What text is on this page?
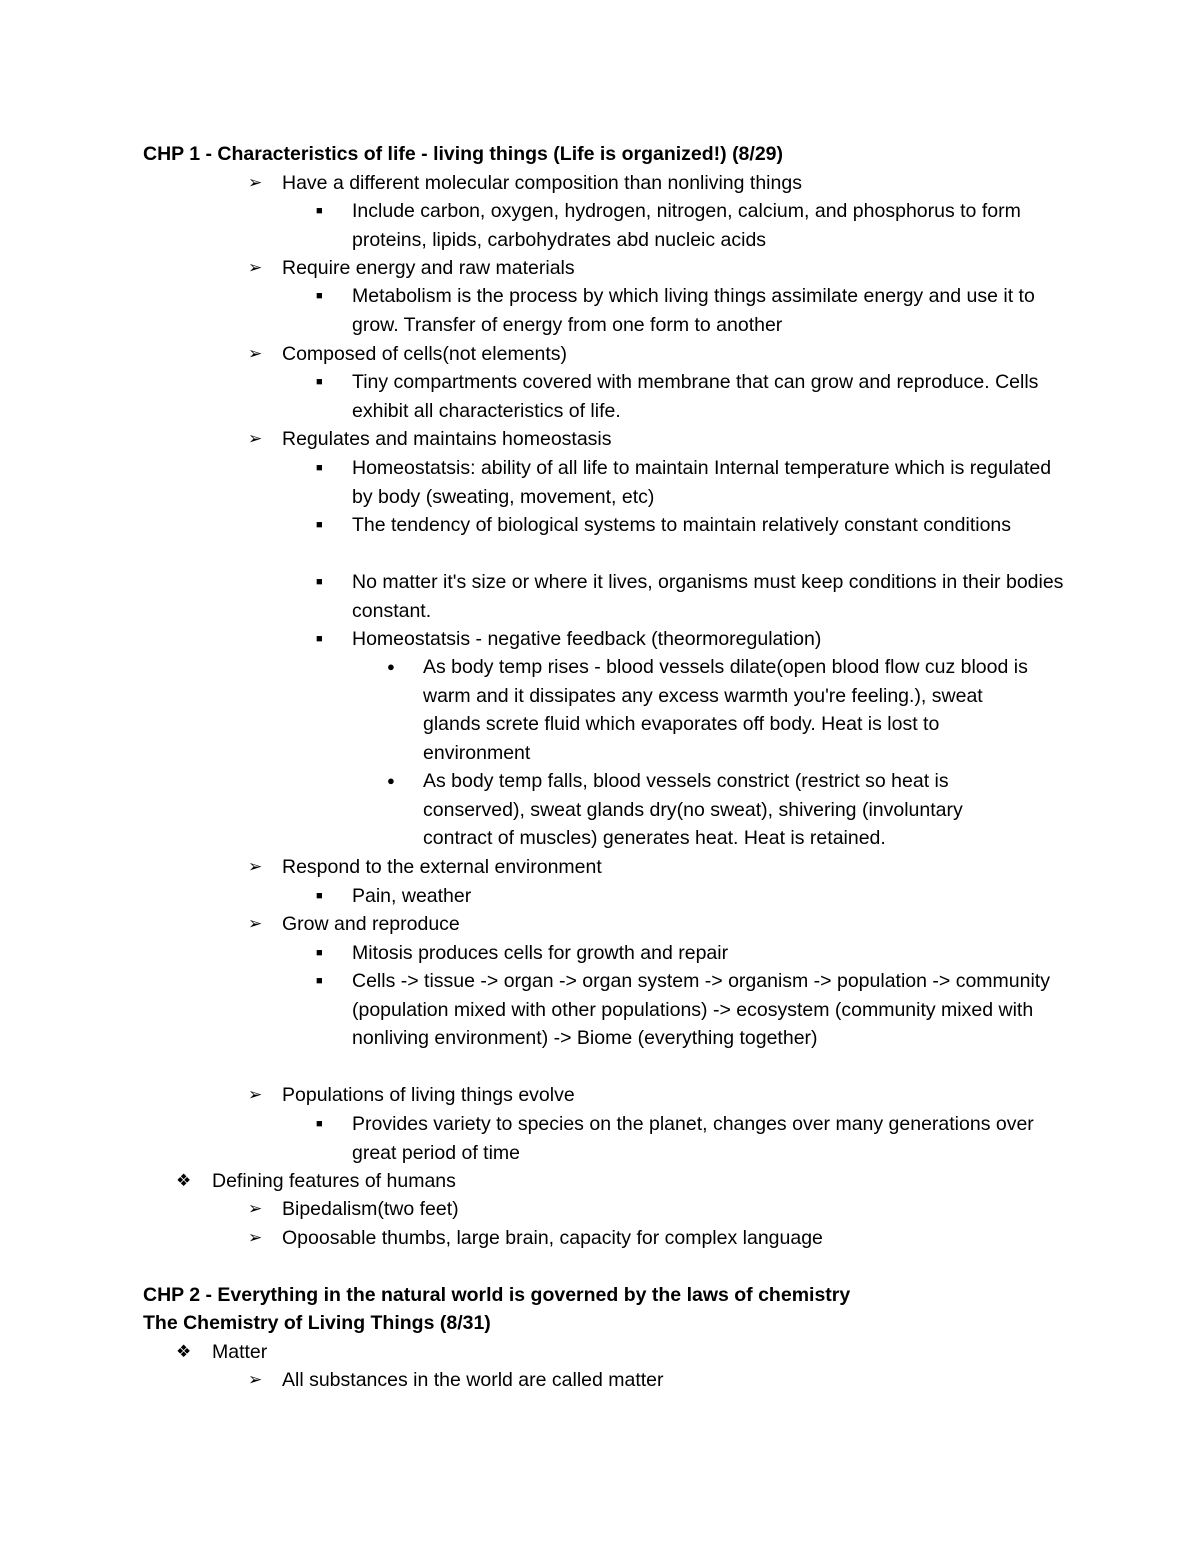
CHP 1 - Characteristics of life - living things (Life is organized!) (8/29)
➢	Have a different molecular composition than nonliving things
■	Include carbon, oxygen, hydrogen, nitrogen, calcium, and phosphorus to form proteins, lipids, carbohydrates abd nucleic acids
➢	Require energy and raw materials
■	Metabolism is the process by which living things assimilate energy and use it to grow. Transfer of energy from one form to another
➢	Composed of cells(not elements)
■	Tiny compartments covered with membrane that can grow and reproduce. Cells exhibit all characteristics of life.
➢	Regulates and maintains homeostasis
■	Homeostatsis: ability of all life to maintain Internal temperature which is regulated by body (sweating, movement, etc)
■	The tendency of biological systems to maintain relatively constant conditions
■	No matter it's size or where it lives, organisms must keep conditions in their bodies constant.
■	Homeostatsis - negative feedback (theormoregulation)
●	As body temp rises - blood vessels dilate(open blood flow cuz blood is warm and it dissipates any excess warmth you're feeling.), sweat glands screte fluid which evaporates off body. Heat is lost to environment
●	As body temp falls, blood vessels constrict (restrict so heat is conserved), sweat glands dry(no sweat), shivering (involuntary contract of muscles) generates heat. Heat is retained.
➢	Respond to the external environment
■	Pain, weather
➢	Grow and reproduce
■	Mitosis produces cells for growth and repair
■	Cells -> tissue -> organ -> organ system -> organism -> population -> community (population mixed with other populations) -> ecosystem (community mixed with nonliving environment) -> Biome (everything together)
➢	Populations of living things evolve
■	Provides variety to species on the planet, changes over many generations over great period of time
❖	Defining features of humans
➢	Bipedalism(two feet)
➢	Opoosable thumbs, large brain, capacity for complex language
CHP 2 - Everything in the natural world is governed by the laws of chemistry
The Chemistry of Living Things (8/31)
❖	Matter
➢	All substances in the world are called matter
